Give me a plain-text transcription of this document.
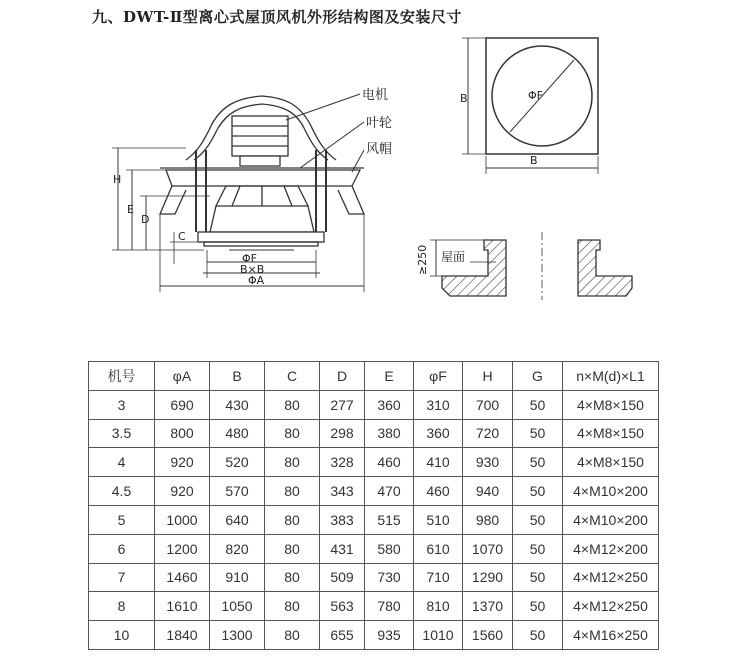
九、DWT-Ⅱ型离心式屋顶风机外形结构图及安装尺寸
电机
叶轮
风帽
H
E
D
C
ΦF
B×B
ΦA
ΦF
B
B
≥250 屋面
机号	φA	B	C	D	E	φF	H	G	n×M(d)×L1
3	690	430	80	277	360	310	700	50	4×M8×150
3.5	800	480	80	298	380	360	720	50	4×M8×150
4	920	520	80	328	460	410	930	50	4×M8×150
4.5	920	570	80	343	470	460	940	50	4×M10×200
5	1000	640	80	383	515	510	980	50	4×M10×200
6	1200	820	80	431	580	610	1070	50	4×M12×200
7	1460	910	80	509	730	710	1290	50	4×M12×250
8	1610	1050	80	563	780	810	1370	50	4×M12×250
10	1840	1300	80	655	935	1010	1560	50	4×M16×250
